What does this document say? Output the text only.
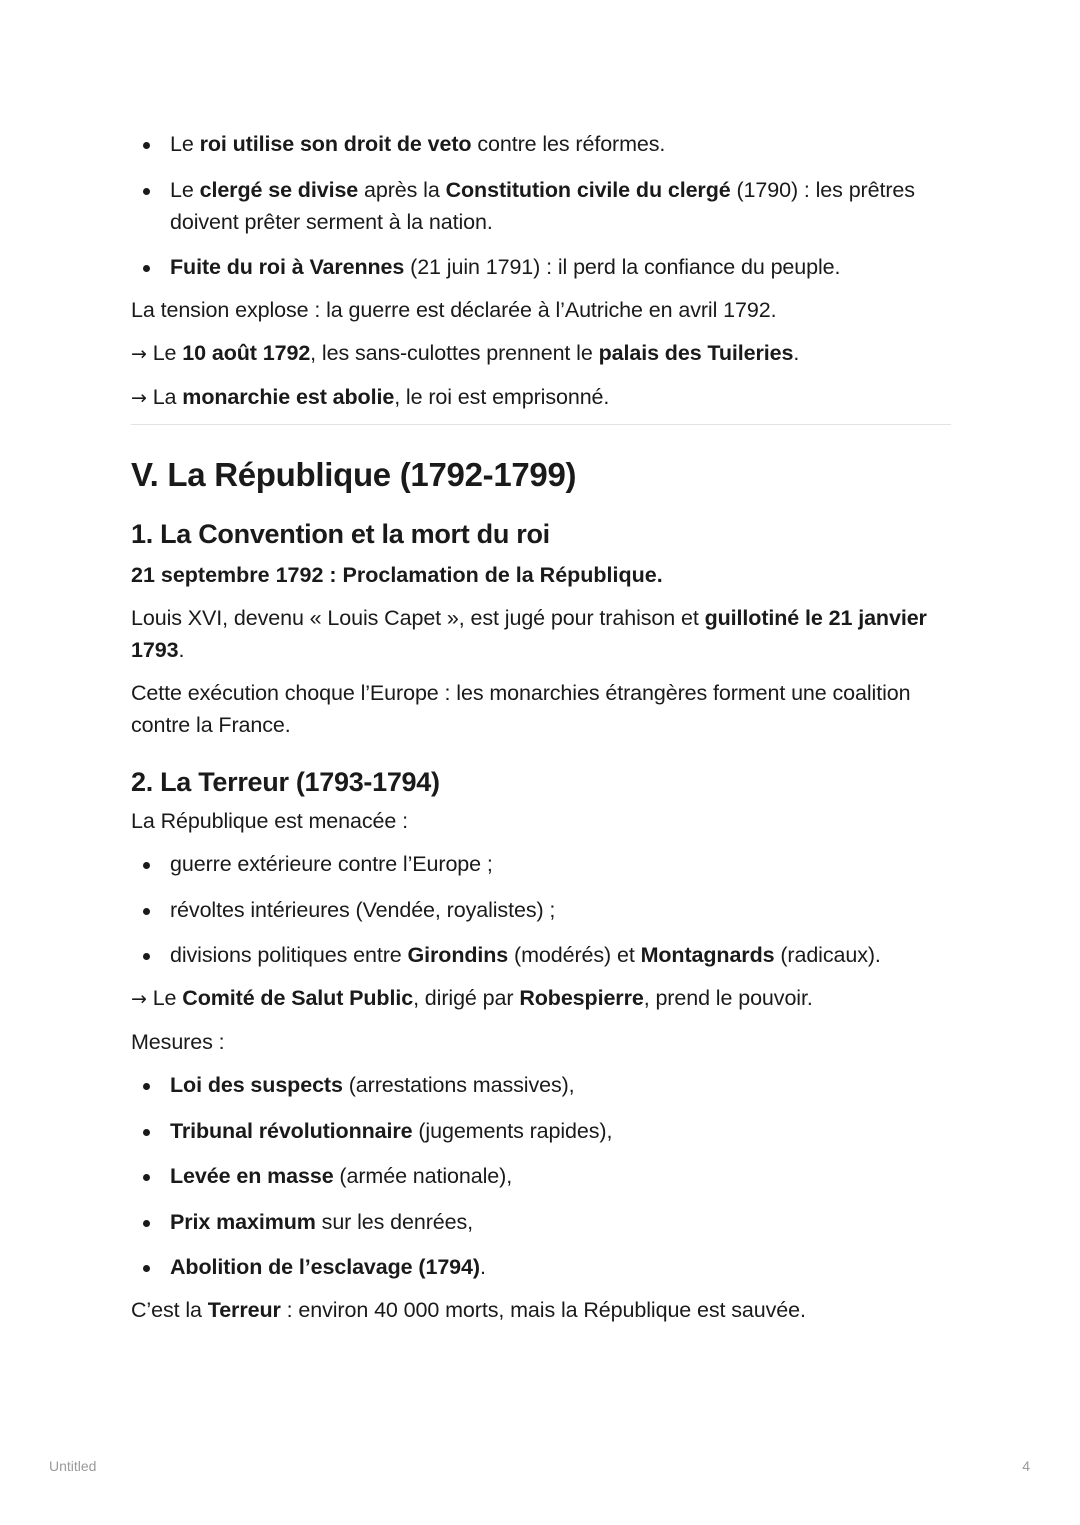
Le roi utilise son droit de veto contre les réformes.
Le clergé se divise après la Constitution civile du clergé (1790) : les prêtres doivent prêter serment à la nation.
Fuite du roi à Varennes (21 juin 1791) : il perd la confiance du peuple.

La tension explose : la guerre est déclarée à l’Autriche en avril 1792.

→ Le 10 août 1792, les sans-culottes prennent le palais des Tuileries.

→ La monarchie est abolie, le roi est emprisonné.

V. La République (1792-1799)
1. La Convention et la mort du roi

21 septembre 1792 : Proclamation de la République.

Louis XVI, devenu « Louis Capet », est jugé pour trahison et guillotiné le 21 janvier 1793.

Cette exécution choque l’Europe : les monarchies étrangères forment une coalition contre la France.

2. La Terreur (1793-1794)

La République est menacée :

guerre extérieure contre l’Europe ;
révoltes intérieures (Vendée, royalistes) ;
divisions politiques entre Girondins (modérés) et Montagnards (radicaux).

→ Le Comité de Salut Public, dirigé par Robespierre, prend le pouvoir.

Mesures :

Loi des suspects (arrestations massives),
Tribunal révolutionnaire (jugements rapides),
Levée en masse (armée nationale),
Prix maximum sur les denrées,
Abolition de l’esclavage (1794).

C’est la Terreur : environ 40 000 morts, mais la République est sauvée.

Untitled	4
